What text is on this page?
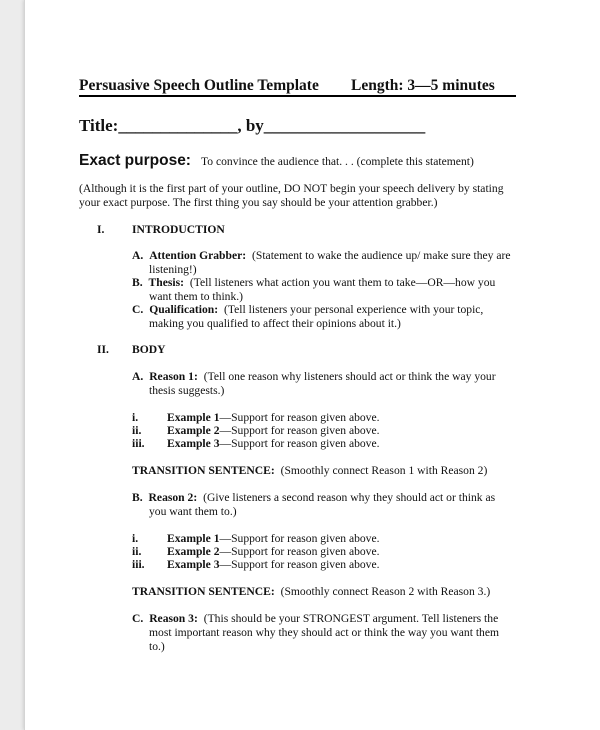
Persuasive Speech Outline Template Length: 3—5 minutes
Title:______________, by___________________
Exact purpose: To convince the audience that. . . (complete this statement)
(Although it is the first part of your outline, DO NOT begin your speech delivery by stating
your exact purpose. The first thing you say should be your attention grabber.)
I. INTRODUCTION
A. Attention Grabber: (Statement to wake the audience up/ make sure they are
listening!)
B. Thesis: (Tell listeners what action you want them to take—OR—how you
want them to think.)
C. Qualification: (Tell listeners your personal experience with your topic,
making you qualified to affect their opinions about it.)
II. BODY
A. Reason 1: (Tell one reason why listeners should act or think the way your
thesis suggests.)
i. Example 1—Support for reason given above.
ii. Example 2—Support for reason given above.
iii. Example 3—Support for reason given above.
TRANSITION SENTENCE: (Smoothly connect Reason 1 with Reason 2)
B. Reason 2: (Give listeners a second reason why they should act or think as
you want them to.)
i. Example 1—Support for reason given above.
ii. Example 2—Support for reason given above.
iii. Example 3—Support for reason given above.
TRANSITION SENTENCE: (Smoothly connect Reason 2 with Reason 3.)
C. Reason 3: (This should be your STRONGEST argument. Tell listeners the
most important reason why they should act or think the way you want them
to.)
